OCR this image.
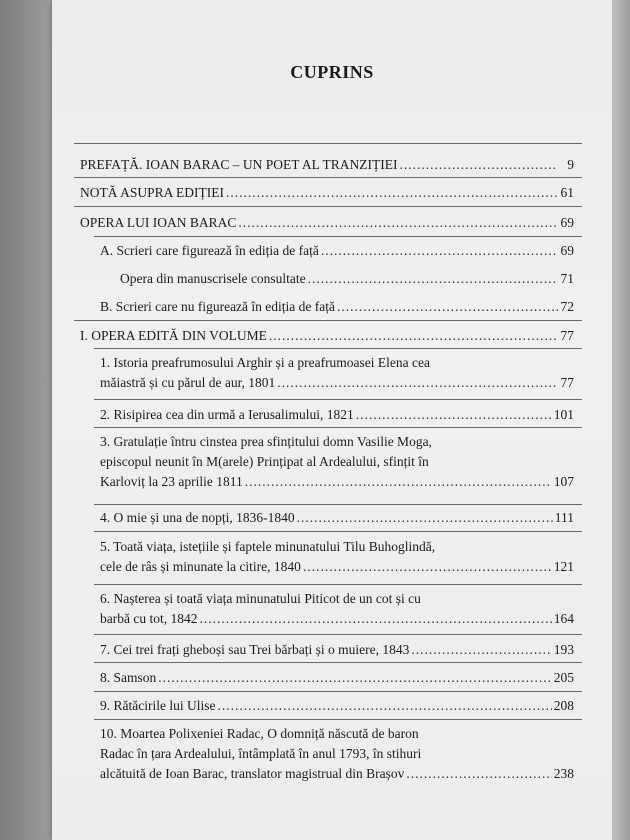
CUPRINS
PREFAȚĂ. IOAN BARAC – UN POET AL TRANZIȚIEI .....	9
NOTĂ ASUPRA EDIȚIEI .....	61
OPERA LUI IOAN BARAC .....	69
A. Scrieri care figurează în ediția de față .....	69
Opera din manuscrisele consultate .....	71
B. Scrieri care nu figurează în ediția de față .....	72
I. OPERA EDITĂ DIN VOLUME .....	77
1. Istoria preafrumosului Arghir și a preafrumoasei Elena cea
măiastră și cu părul de aur, 1801 .....	77
2. Risipirea cea din urmă a Ierusalimului, 1821 .....	101
3. Gratulație întru cinstea prea sfințitului domn Vasilie Moga,
episcopul neunit în M(arele) Prințipat al Ardealului, sfințit în
Karloviț la 23 aprilie 1811 .....	107
4. O mie și una de nopți, 1836-1840 .....	111
5. Toată viața, istețiile și faptele minunatului Tilu Buhoglindă,
cele de râs și minunate la citire, 1840 .....	121
6. Nașterea și toată viața minunatului Piticot de un cot și cu
barbă cu tot, 1842 .....	164
7. Cei trei frați gheboși sau Trei bărbați și o muiere, 1843 .....	193
8. Samson .....	205
9. Rătăcirile lui Ulise .....	208
10. Moartea Polixeniei Radac, O domniță născută de baron
Radac în țara Ardealului, întâmplată în anul 1793, în stihuri
alcătuită de Ioan Barac, translator magistrual din Brașov .....	238
